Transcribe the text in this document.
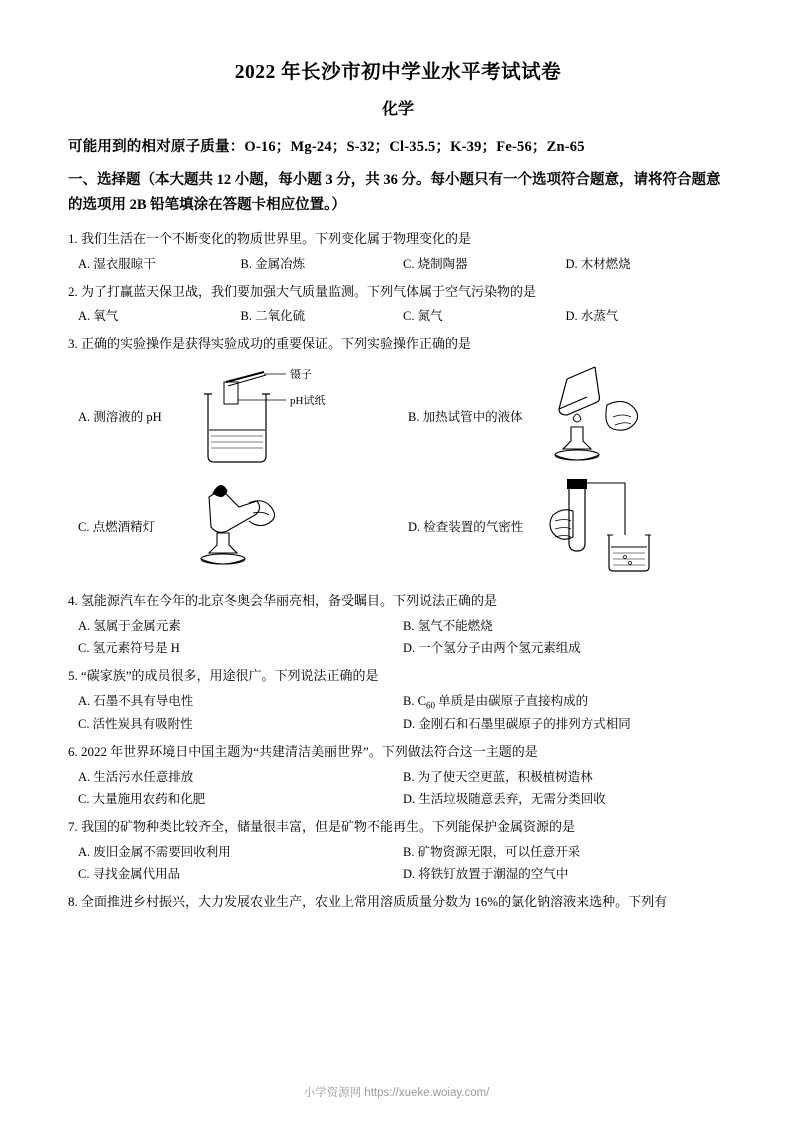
2022 年长沙市初中学业水平考试试卷
化学
可能用到的相对原子质量：O-16；Mg-24；S-32；Cl-35.5；K-39；Fe-56；Zn-65
一、选择题（本大题共 12 小题，每小题 3 分，共 36 分。每小题只有一个选项符合题意，请将符合题意的选项用 2B 铅笔填涂在答题卡相应位置。）
1. 我们生活在一个不断变化的物质世界里。下列变化属于物理变化的是
A. 湿衣服晾干	B. 金属冶炼	C. 烧制陶器	D. 木材燃烧
2. 为了打赢蓝天保卫战，我们要加强大气质量监测。下列气体属于空气污染物的是
A. 氧气	B. 二氧化硫	C. 氮气	D. 水蒸气
3. 正确的实验操作是获得实验成功的重要保证。下列实验操作正确的是
A. 测溶液的 pH
镊子
pH试纸
B. 加热试管中的液体
C. 点燃酒精灯	D. 检查装置的气密性
4. 氢能源汽车在今年的北京冬奥会华丽亮相，备受瞩目。下列说法正确的是
A. 氢属于金属元素	B. 氢气不能燃烧
C. 氢元素符号是 H	D. 一个氢分子由两个氢元素组成
5. “碳家族”的成员很多，用途很广。下列说法正确的是
A. 石墨不具有导电性	B. $C_{60}$ 单质是由碳原子直接构成的
C. 活性炭具有吸附性	D. 金刚石和石墨里碳原子的排列方式相同
6. 2022 年世界环境日中国主题为“共建清洁美丽世界”。下列做法符合这一主题的是
A. 生活污水任意排放	B. 为了使天空更蓝，积极植树造林
C. 大量施用农药和化肥	D. 生活垃圾随意丢弃，无需分类回收
7. 我国的矿物种类比较齐全，储量很丰富，但是矿物不能再生。下列能保护金属资源的是
A. 废旧金属不需要回收利用	B. 矿物资源无限，可以任意开采
C. 寻找金属代用品	D. 将铁钉放置于潮湿的空气中
8. 全面推进乡村振兴，大力发展农业生产，农业上常用溶质质量分数为 16%的氯化钠溶液来选种。下列有
小学资源网 https://xueke.woiay.com/
